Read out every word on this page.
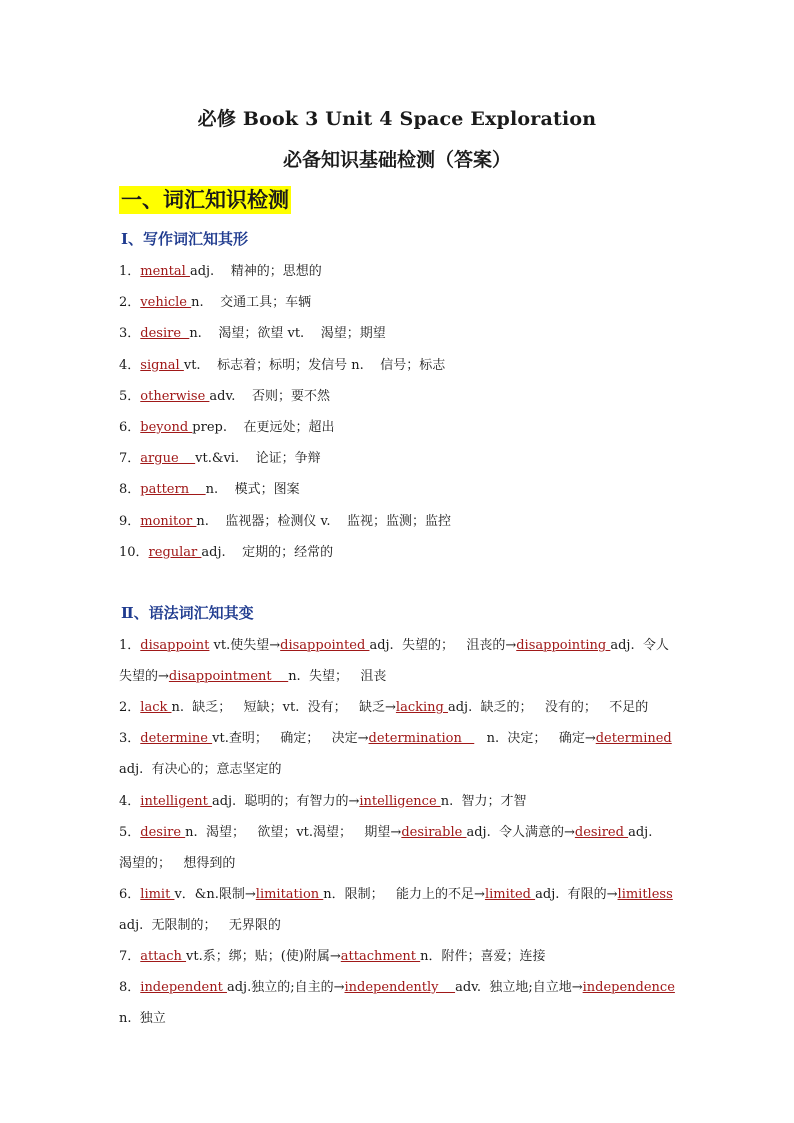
必修 Book 3 Unit 4 Space Exploration
必备知识基础检测（答案）
一、词汇知识检测
Ⅰ、写作词汇知其形
1．mental adj.    精神的；思想的
2．vehicle n.    交通工具；车辆
3．desire  n.    渴望；欲望 vt.    渴望；期望
4．signal vt.    标志着；标明；发信号 n.    信号；标志
5．otherwise adv.    否则；要不然
6．beyond prep.    在更远处；超出
7．argue    vt.&vi.    论证；争辩
8．pattern    n.    模式；图案
9．monitor n.    监视器；检测仪 v.    监视；监测；监控
10．regular adj.    定期的；经常的
Ⅱ、语法词汇知其变
1．disappoint vt.使失望→disappointed adj.  失望的；   沮丧的→disappointing adj.  令人
失望的→disappointment    n.  失望；   沮丧
2．lack n.  缺乏；   短缺；vt.  没有；   缺乏→lacking adj.  缺乏的；   没有的；   不足的
3．determine vt.查明；   确定；   决定→determination      n.  决定；   确定→determined
adj.  有决心的；意志坚定的
4．intelligent adj.  聪明的；有智力的→intelligence n.  智力；才智
5．desire n.  渴望；   欲望；vt.渴望；   期望→desirable adj.  令人满意的→desired adj.
渴望的；   想得到的
6．limit v．&n.限制→limitation n．限制；   能力上的不足→limited adj.  有限的→limitless
adj.  无限制的；   无界限的
7．attach vt.系；绑；贴；(使)附属→attachment n．附件；喜爱；连接
8．independent adj.独立的;自主的→independently    adv.  独立地;自立地→independence
n.  独立
